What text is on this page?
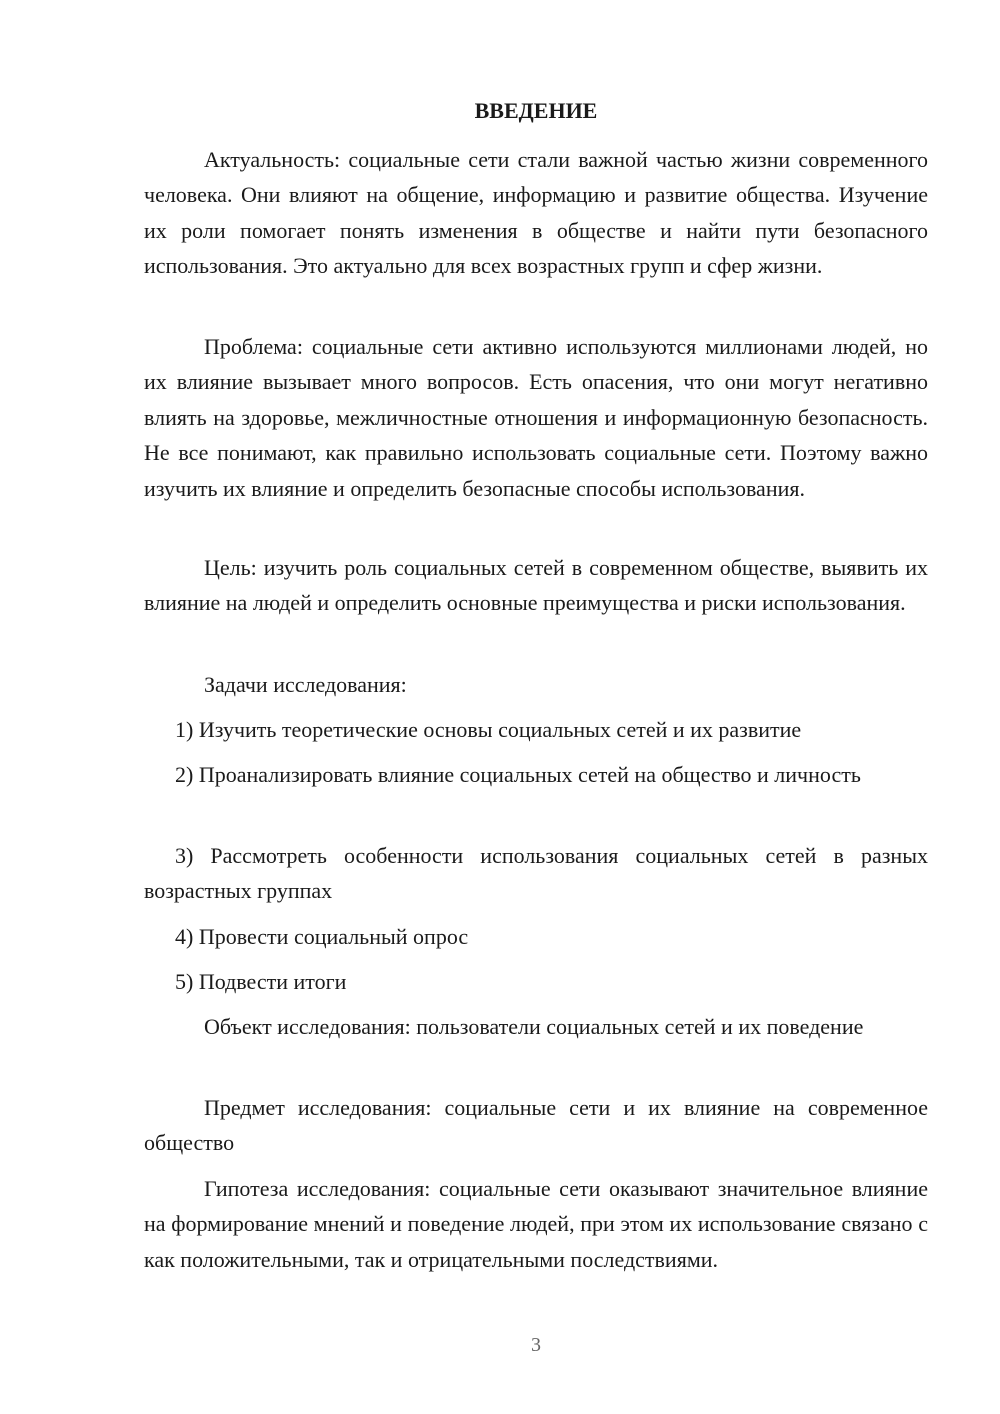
ВВЕДЕНИЕ

Актуальность: социальные сети стали важной частью жизни современного человека. Они влияют на общение, информацию и развитие общества. Изучение их роли помогает понять изменения в обществе и найти пути безопасного использования. Это актуально для всех возрастных групп и сфер жизни.

Проблема: социальные сети активно используются миллионами людей, но их влияние вызывает много вопросов. Есть опасения, что они могут негативно влиять на здоровье, межличностные отношения и информационную безопасность. Не все понимают, как правильно использовать социальные сети. Поэтому важно изучить их влияние и определить безопасные способы использования.

Цель: изучить роль социальных сетей в современном обществе, выявить их влияние на людей и определить основные преимущества и риски использования.

Задачи исследования:

1) Изучить теоретические основы социальных сетей и их развитие

2) Проанализировать влияние социальных сетей на общество и личность

3) Рассмотреть особенности использования социальных сетей в разных возрастных группах

4) Провести социальный опрос

5) Подвести итоги

Объект исследования: пользователи социальных сетей и их поведение

Предмет исследования: социальные сети и их влияние на современное общество

Гипотеза исследования: социальные сети оказывают значительное влияние на формирование мнений и поведение людей, при этом их использование связано с как положительными, так и отрицательными последствиями.

3
